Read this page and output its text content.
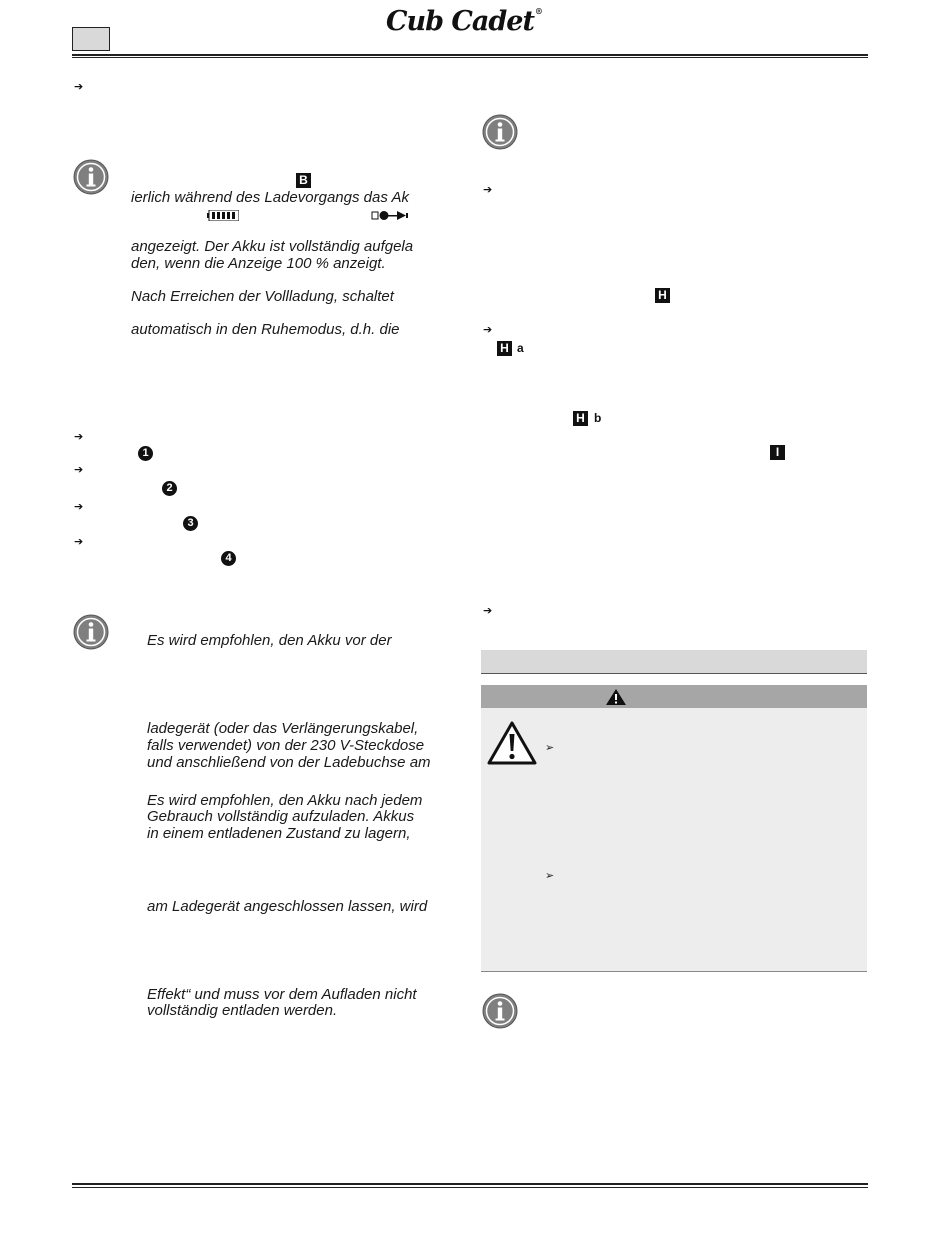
Cub Cadet®
➔
B
ierlich während des Ladevorgangs das Ak
angezeigt. Der Akku ist vollständig aufgela
den, wenn die Anzeige 100 % anzeigt.
Nach Erreichen der Vollladung, schaltet
automatisch in den Ruhemodus, d.h. die
➔
1
➔
2
➔
3
➔
4
Es wird empfohlen, den Akku vor der
ladegerät (oder das Verlängerungskabel,
falls verwendet) von der 230 V-Steckdose
und anschließend von der Ladebuchse am
Es wird empfohlen, den Akku nach jedem
Gebrauch vollständig aufzuladen. Akkus
in einem entladenen Zustand zu lagern,
am Ladegerät angeschlossen lassen, wird
Effekt“ und muss vor dem Aufladen nicht
vollständig entladen werden.
➔
H
➔
H a
H b
I
➔
➢
➢
